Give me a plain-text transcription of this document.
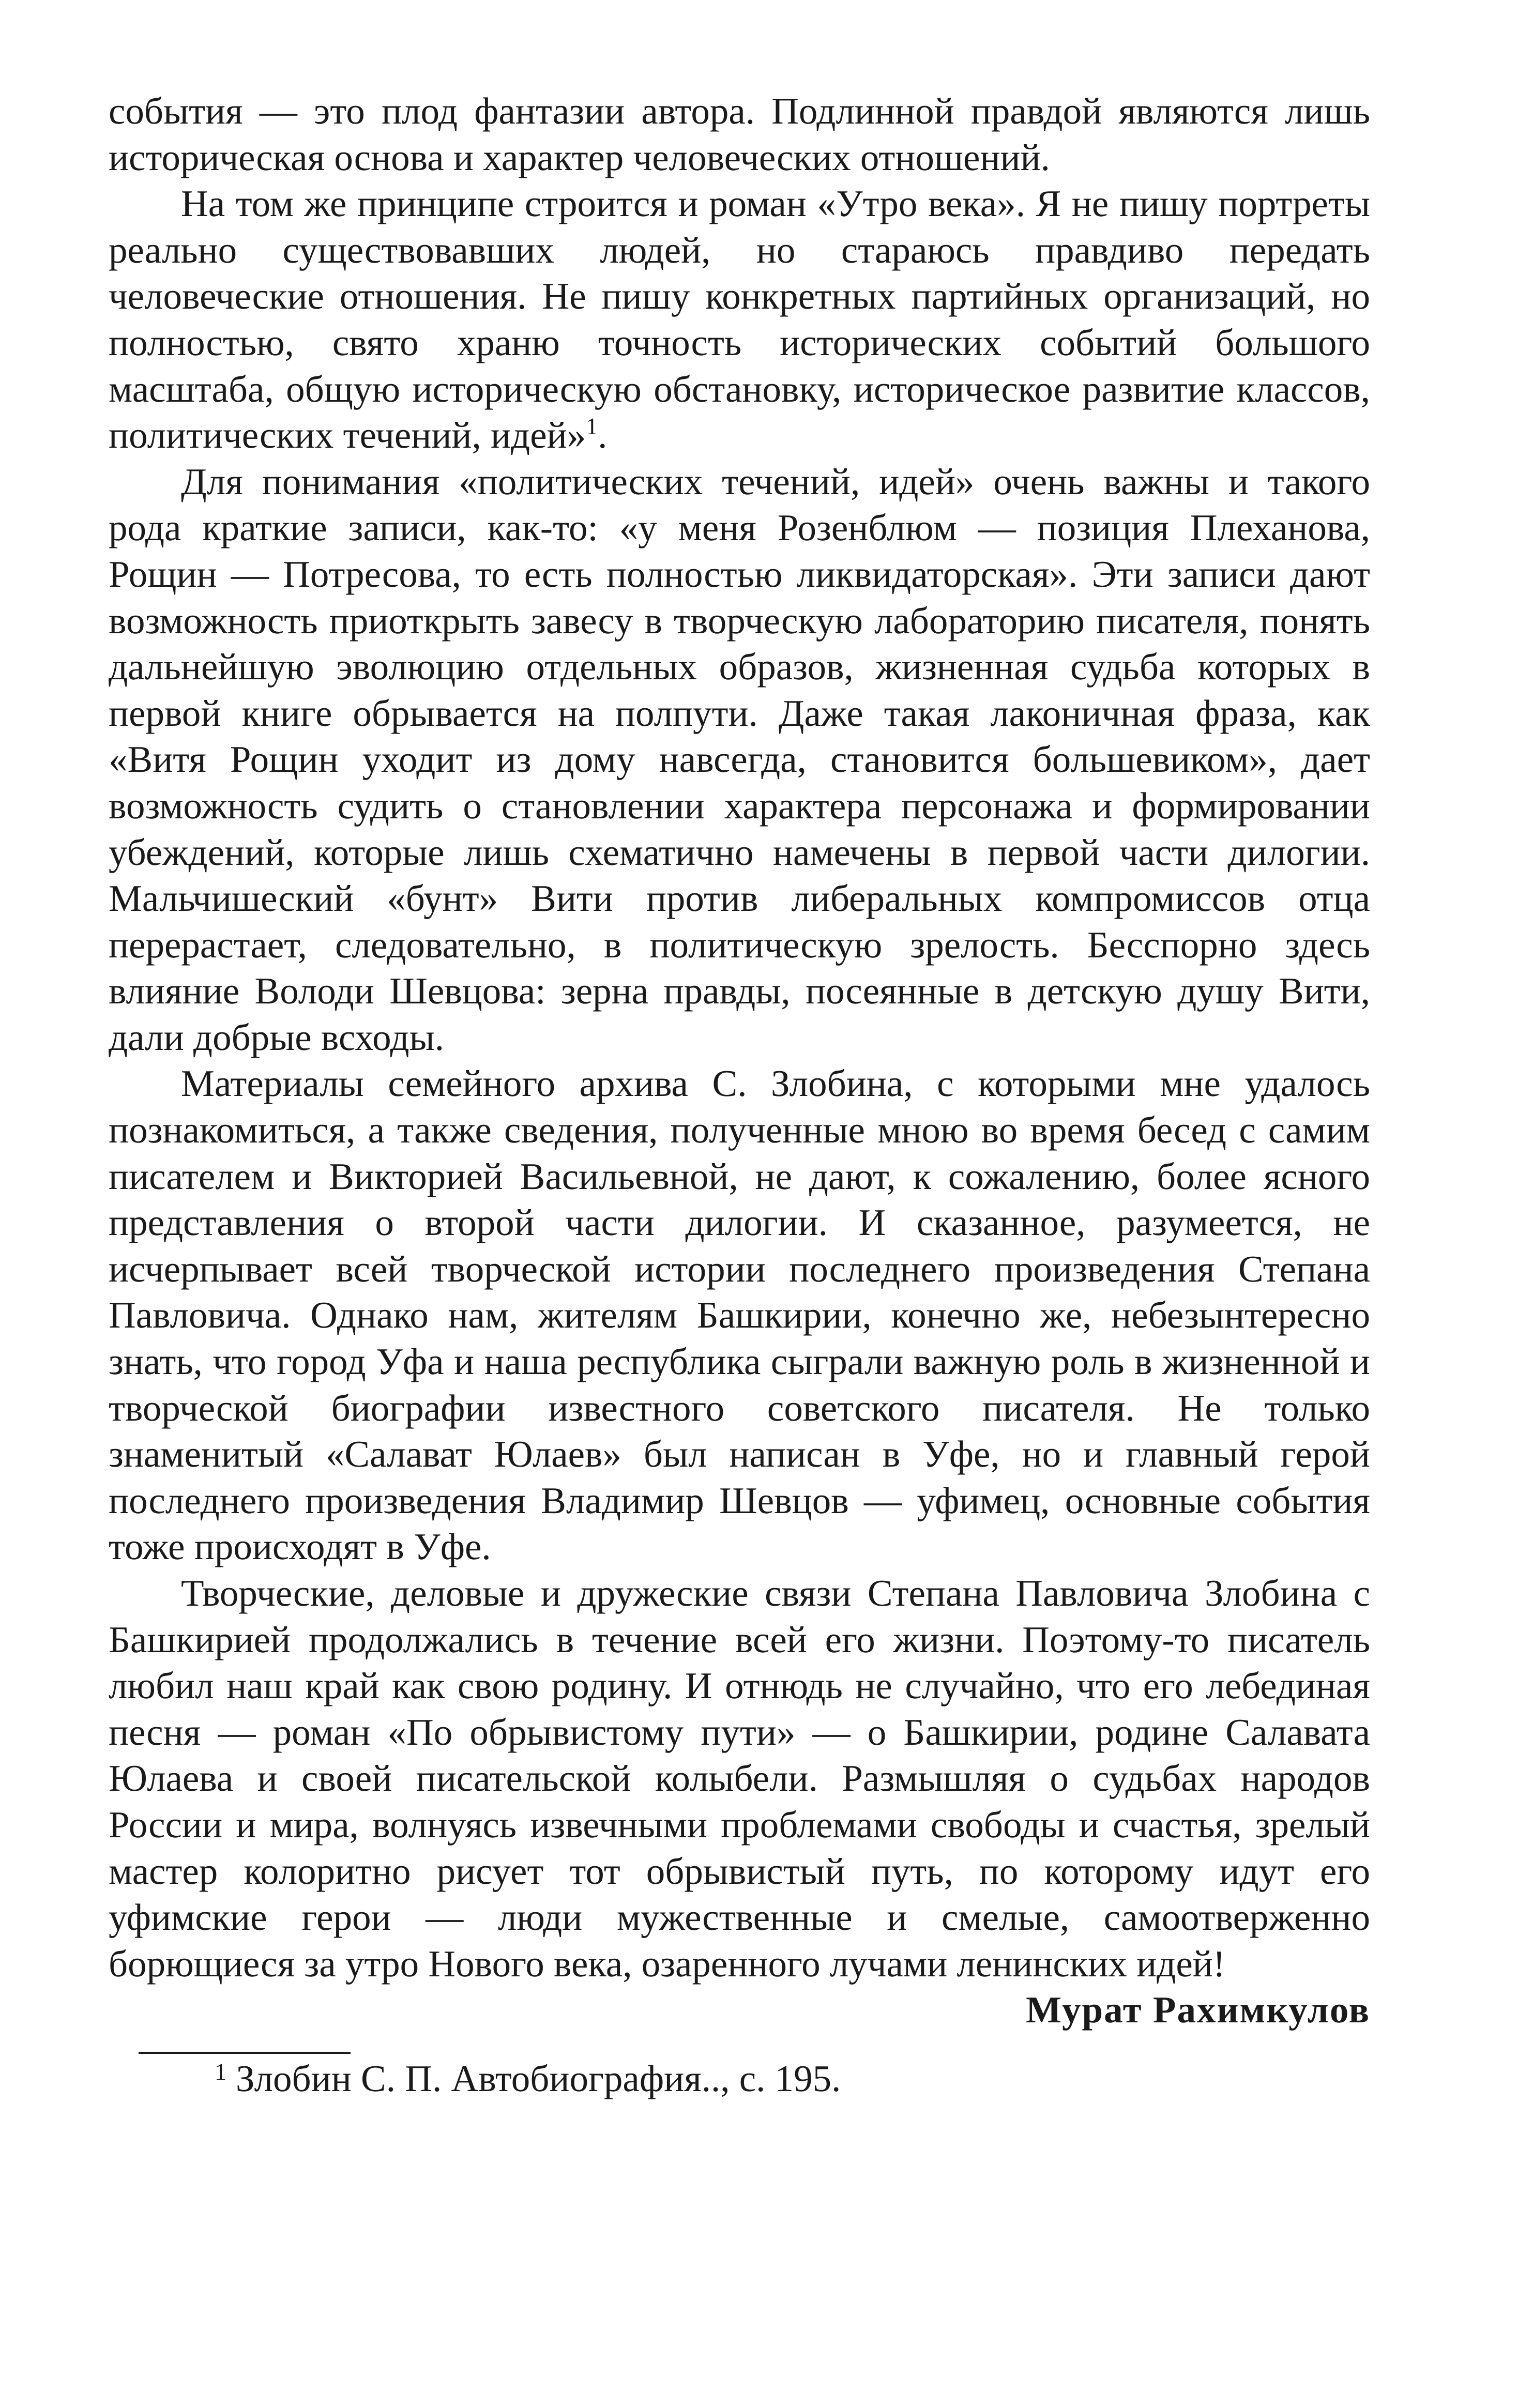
события — это плод фантазии автора. Подлинной правдой являются лишь историческая основа и характер человеческих отношений.

На том же принципе строится и роман «Утро века». Я не пишу портреты реально существовавших людей, но стараюсь правдиво передать человеческие отношения. Не пишу конкретных партийных организаций, но полностью, свято храню точность исторических событий большого масштаба, общую историческую обстановку, историческое развитие классов, политических течений, идей»$^1$.

Для понимания «политических течений, идей» очень важны и такого рода краткие записи, как-то: «у меня Розенблюм — позиция Плеханова, Рощин — Потресова, то есть полностью ликвидаторская». Эти записи дают возможность приоткрыть завесу в творческую лабораторию писателя, понять дальнейшую эволюцию отдельных образов, жизненная судьба которых в первой книге обрывается на полпути. Даже такая лаконичная фраза, как «Витя Рощин уходит из дому навсегда, становится большевиком», дает возможность судить о становлении характера персонажа и формировании убеждений, которые лишь схематично намечены в первой части дилогии. Мальчишеский «бунт» Вити против либеральных компромиссов отца перерастает, следовательно, в политическую зрелость. Бесспорно здесь влияние Володи Шевцова: зерна правды, посеянные в детскую душу Вити, дали добрые всходы.

Материалы семейного архива С. Злобина, с которыми мне удалось познакомиться, а также сведения, полученные мною во время бесед с самим писателем и Викторией Васильевной, не дают, к сожалению, более ясного представления о второй части дилогии. И сказанное, разумеется, не исчерпывает всей творческой истории последнего произведения Степана Павловича. Однако нам, жителям Башкирии, конечно же, небезынтересно знать, что город Уфа и наша республика сыграли важную роль в жизненной и творческой биографии известного советского писателя. Не только знаменитый «Салават Юлаев» был написан в Уфе, но и главный герой последнего произведения Владимир Шевцов — уфимец, основные события тоже происходят в Уфе.

Творческие, деловые и дружеские связи Степана Павловича Злобина с Башкирией продолжались в течение всей его жизни. Поэтому-то писатель любил наш край как свою родину. И отнюдь не случайно, что его лебединая песня — роман «По обрывистому пути» — о Башкирии, родине Салавата Юлаева и своей писательской колыбели. Размышляя о судьбах народов России и мира, волнуясь извечными проблемами свободы и счастья, зрелый мастер колоритно рисует тот обрывистый путь, по которому идут его уфимские герои — люди мужественные и смелые, самоотверженно борющиеся за утро Нового века, озаренного лучами ленинских идей!

Мурат Рахимкулов

$^1$ Злобин С. П. Автобиография.., с. 195.
